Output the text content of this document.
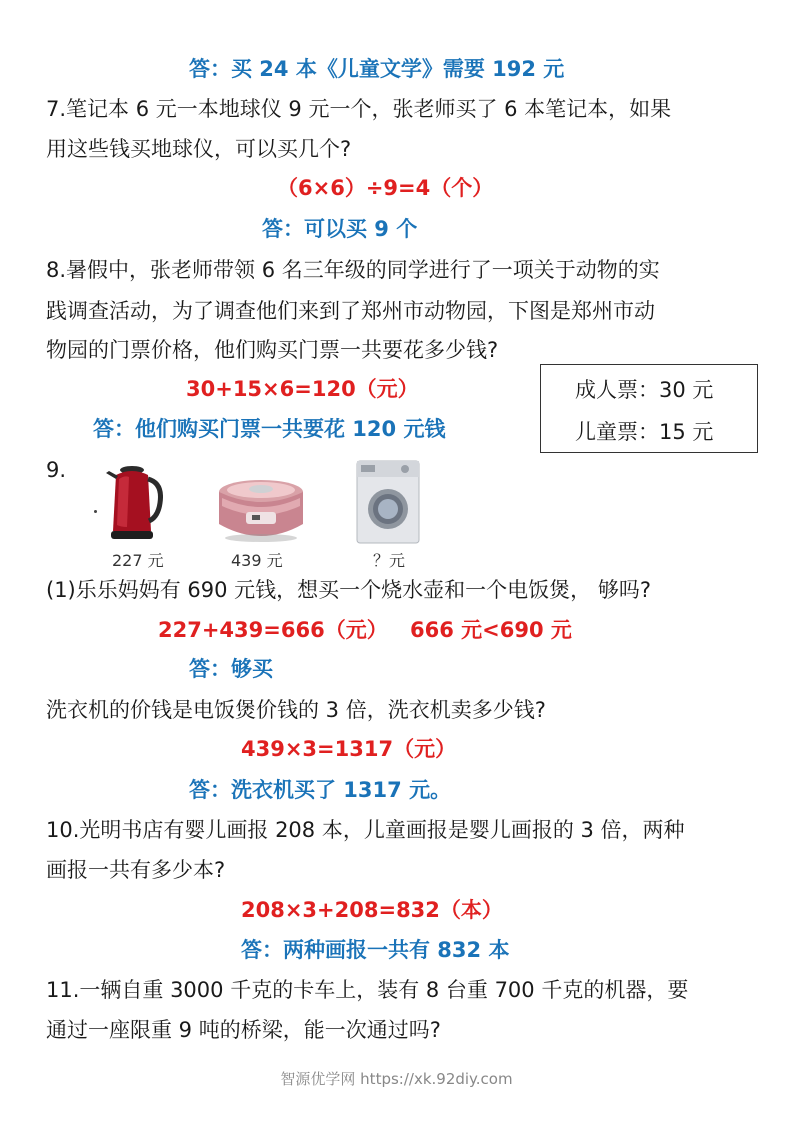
答：买 24 本《儿童文学》需要 192 元
7.笔记本 6 元一本地球仪 9 元一个，张老师买了 6 本笔记本，如果
用这些钱买地球仪，可以买几个?
（6×6）÷9=4（个）
答：可以买 9 个
8.暑假中，张老师带领 6 名三年级的同学进行了一项关于动物的实
践调查活动，为了调查他们来到了郑州市动物园，下图是郑州市动
物园的门票价格，他们购买门票一共要花多少钱?
30+15×6=120（元）
答：他们购买门票一共要花 120 元钱
成人票：30 元
儿童票：15 元
9.
227 元	439 元	？元
(1)乐乐妈妈有 690 元钱，想买一个烧水壶和一个电饭煲， 够吗?
227+439=666（元） 666 元<690 元
答：够买
洗衣机的价钱是电饭煲价钱的 3 倍，洗衣机卖多少钱?
439×3=1317（元）
答：洗衣机买了 1317 元。
10.光明书店有婴儿画报 208 本，儿童画报是婴儿画报的 3 倍，两种
画报一共有多少本?
208×3+208=832（本）
答：两种画报一共有 832 本
11.一辆自重 3000 千克的卡车上，装有 8 台重 700 千克的机器，要
通过一座限重 9 吨的桥梁，能一次通过吗?
智源优学网 https://xk.92diy.com
